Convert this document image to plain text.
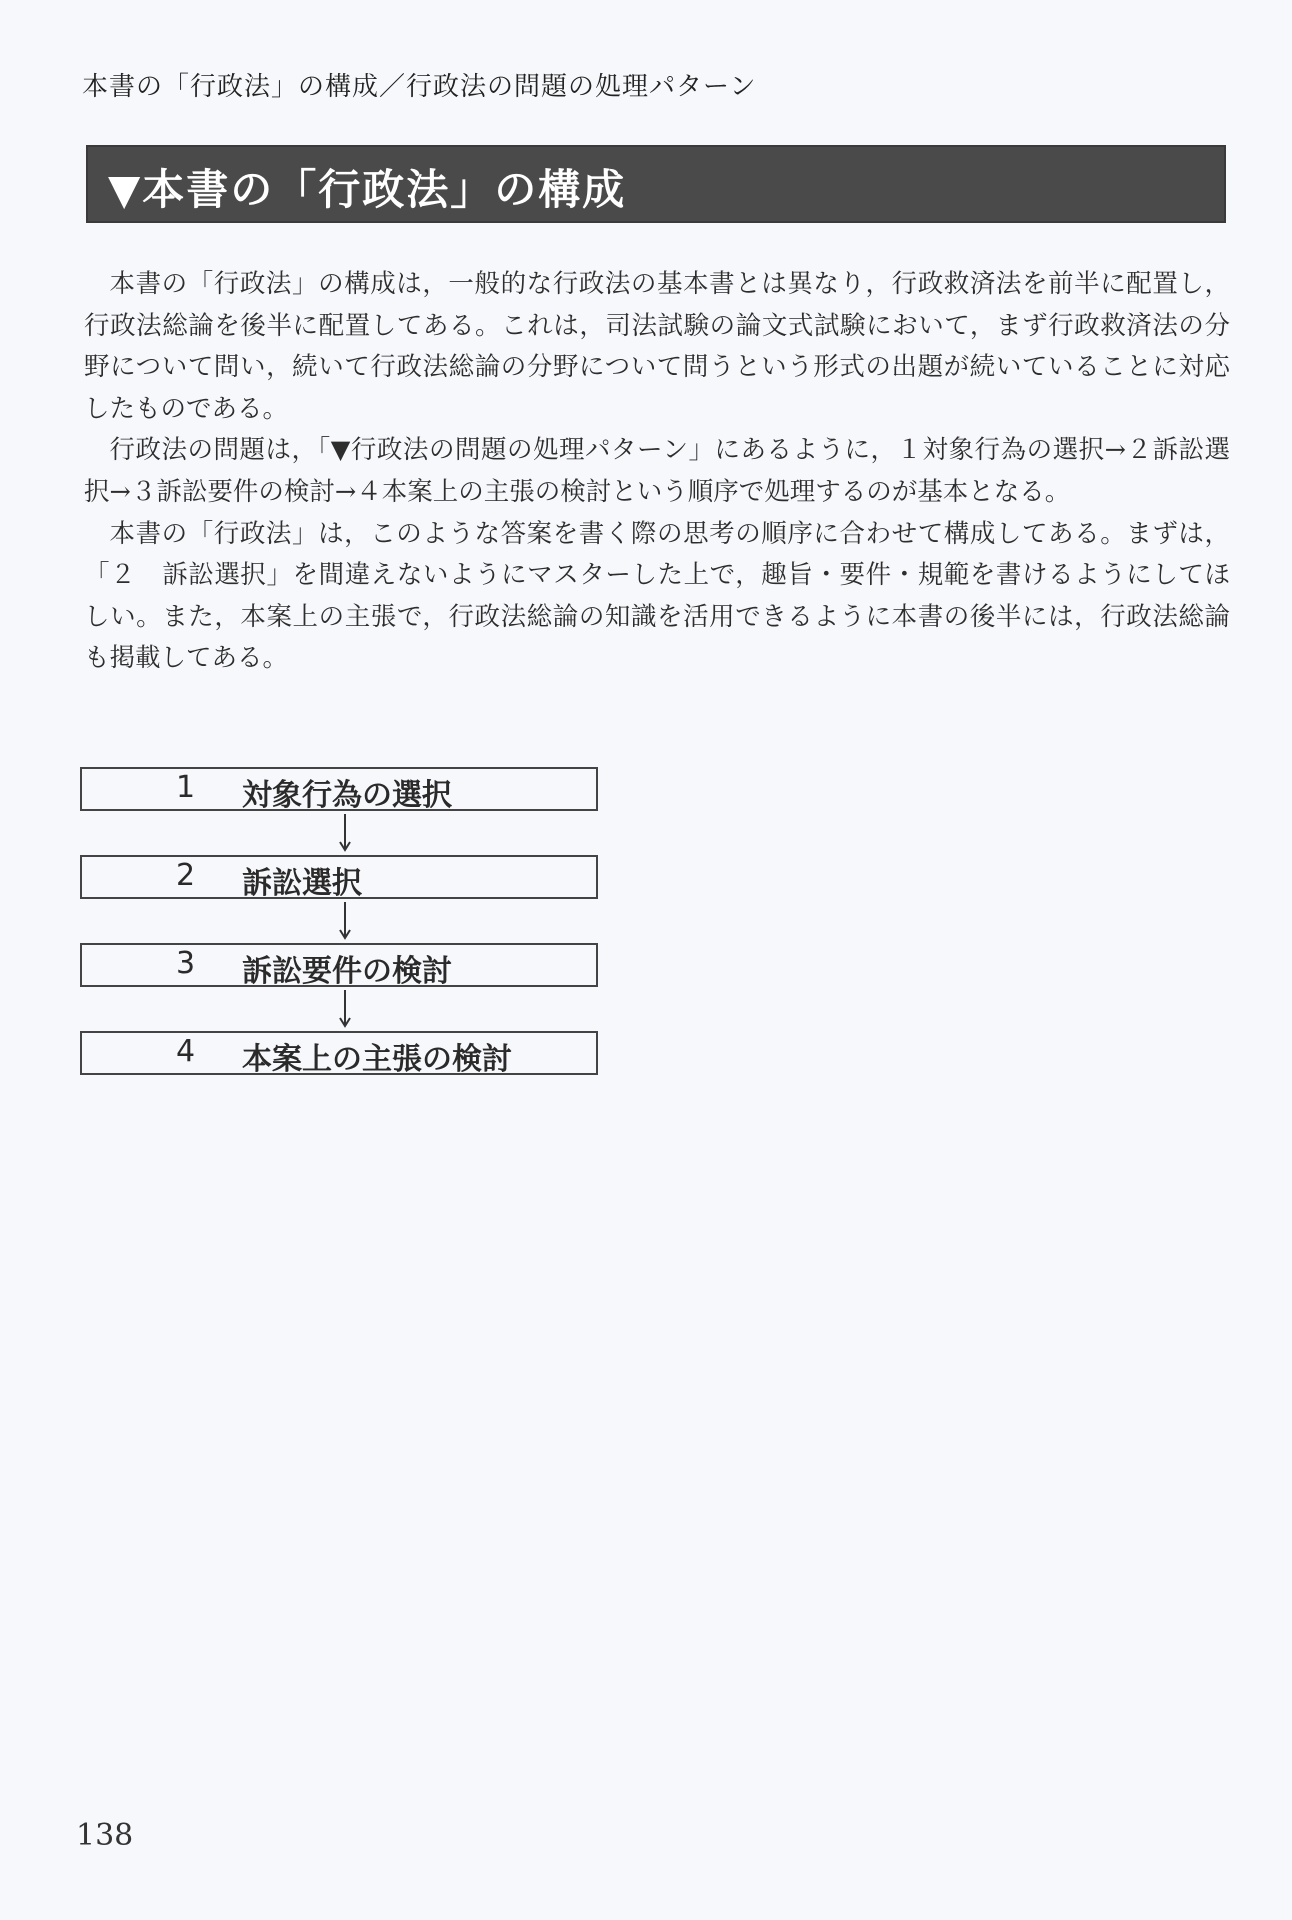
本書の「行政法」の構成／行政法の問題の処理パターン
▼本書の「行政法」の構成

本書の「行政法」の構成は，一般的な行政法の基本書とは異なり，行政救済法を前半に配置し，行政法総論を後半に配置してある。これは，司法試験の論文式試験において，まず行政救済法の分野について問い，続いて行政法総論の分野について問うという形式の出題が続いていることに対応したものである。

行政法の問題は，「▼行政法の問題の処理パターン」にあるように，１対象行為の選択→２訴訟選択→３訴訟要件の検討→４本案上の主張の検討という順序で処理するのが基本となる。

本書の「行政法」は，このような答案を書く際の思考の順序に合わせて構成してある。まずは，「２　訴訟選択」を間違えないようにマスターした上で，趣旨・要件・規範を書けるようにしてほしい。また，本案上の主張で，行政法総論の知識を活用できるように本書の後半には，行政法総論も掲載してある。

1 対象行為の選択
2 訴訟選択
3 訴訟要件の検討
4 本案上の主張の検討
138
